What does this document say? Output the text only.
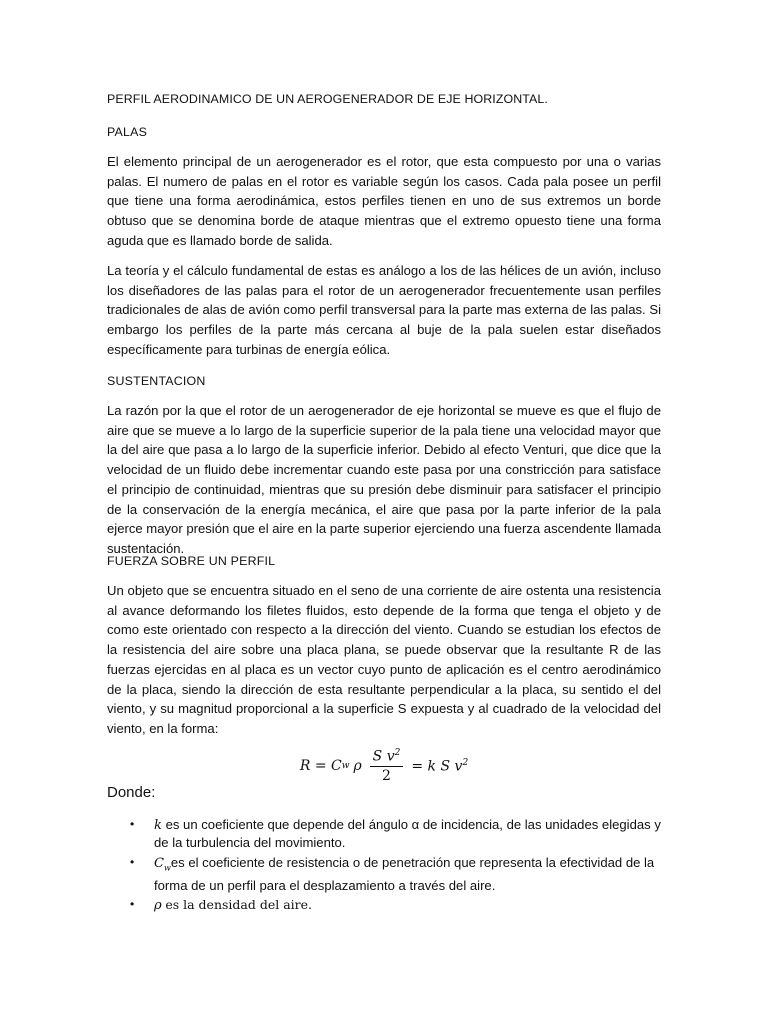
PERFIL AERODINAMICO DE UN AEROGENERADOR DE EJE HORIZONTAL.
PALAS

El elemento principal de un aerogenerador es el rotor, que esta compuesto por una o varias palas. El numero de palas en el rotor es variable según los casos. Cada pala posee un perfil que tiene una forma aerodinámica, estos perfiles tienen en uno de sus extremos un borde obtuso que se denomina borde de ataque mientras que el extremo opuesto tiene una forma aguda que es llamado borde de salida.

La teoría y el cálculo fundamental de estas es análogo a los de las hélices de un avión, incluso los diseñadores de las palas para el rotor de un aerogenerador frecuentemente usan perfiles tradicionales de alas de avión como perfil transversal para la parte mas externa de las palas. Si embargo los perfiles de la parte más cercana al buje de la pala suelen estar diseñados específicamente para turbinas de energía eólica.

SUSTENTACION

La razón por la que el rotor de un aerogenerador de eje horizontal se mueve es que el flujo de aire que se mueve a lo largo de la superficie superior de la pala tiene una velocidad mayor que la del aire que pasa a lo largo de la superficie inferior. Debido al efecto Venturi, que dice que la velocidad de un fluido debe incrementar cuando este pasa por una constricción para satisface el principio de continuidad, mientras que su presión debe disminuir para satisfacer el principio de la conservación de la energía mecánica, el aire que pasa por la parte inferior de la pala ejerce mayor presión que el aire en la parte superior ejerciendo una fuerza ascendente llamada sustentación.

FUERZA SOBRE UN PERFIL

Un objeto que se encuentra situado en el seno de una corriente de aire ostenta una resistencia al avance deformando los filetes fluidos, esto depende de la forma que tenga el objeto y de como este orientado con respecto a la dirección del viento. Cuando se estudian los efectos de la resistencia del aire sobre una placa plana, se puede observar que la resultante R de las fuerzas ejercidas en al placa es un vector cuyo punto de aplicación es el centro aerodinámico de la placa, siendo la dirección de esta resultante perpendicular a la placa, su sentido el del viento, y su magnitud proporcional a la superficie S expuesta y al cuadrado de la velocidad del viento, en la forma:

R = C w ρ $\frac{S v^2}{2} = k$ S $v^2$
Donde:
• k es un coeficiente que depende del ángulo α de incidencia, de las unidades elegidas y de la turbulencia del movimiento.
• $C_wes$ el coeficiente de resistencia o de penetración que representa la efectividad de la forma de un perfil para el desplazamiento a través del aire.
• ρ es la densidad del aire.
